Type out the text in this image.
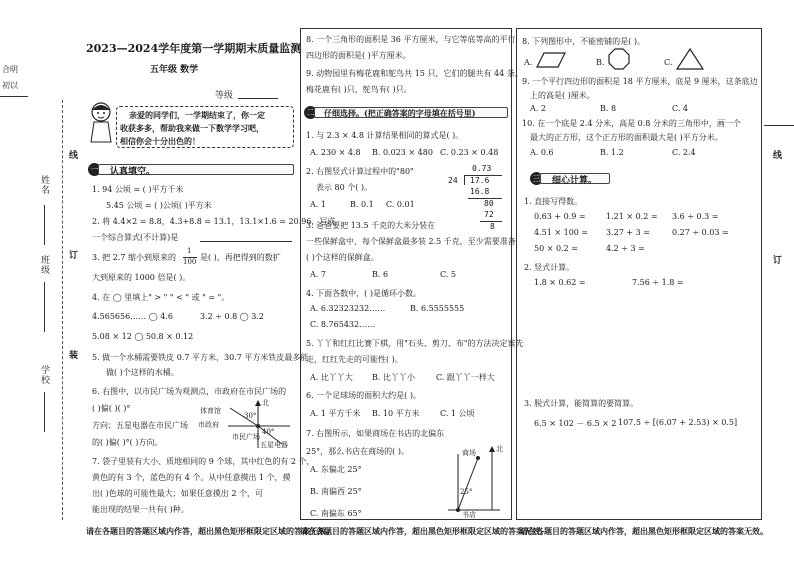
合明
初以
线
订
装
姓名
班级
学校
线
订
2023—2024学年度第一学期期末质量监测
五年级 数学
等级
亲爱的同学们，一学期结束了，你一定
收获多多，帮助我来做一下数学学习吧，
相信你会十分出色的！
一 认真填空。
1. 94 公顷 = ( )平方千米
5.45 公顷 = ( )公顷( )平方米
2. 将 4.4×2 = 8.8，4.3+8.8 = 13.1，13.1×1.6 = 20.96，写成
一个综合算式(不计算)是
3. 把 2.7 缩小到原来的
1
100 是( )，再把得到的数扩
大到原来的 1000 倍是( )。
4. 在 ◯ 里填上" > " " < " 或 " = "。
4.565656…… ◯ 4.6	3.2 ÷ 0.8 ◯ 3.2
5.08 × 12 ◯ 50.8 × 0.12
5. 做一个水桶需要铁皮 0.7 平方米，30.7 平方米铁皮最多能
做( )个这样的水桶。
6. 右图中，以市民广场为观测点，市政府在市民广场的
( )偏( )( )°
方向；五星电器在市民广场
的( )偏( )°( )方向。
北
体育馆
市政府
市民广场
五星电器
30°
40°
7. 袋子里装有大小、质地相同的 9 个球，其中红色的有 2 个，
黄色的有 3 个，蓝色的有 4 个。从中任意摸出 1 个，摸
出( )色球的可能性最大；如果任意摸出 2 个，可
能出现的结果一共有( )种。
请在各题目的答题区域内作答，超出黑色矩形框限定区域的答案无效。
8. 一个三角形的面积是 36 平方厘米，与它等底等高的平行
四边形的面积是( )平方厘米。
9. 动物园里有梅花鹿和鸵鸟共 15 只，它们的腿共有 44 条。
梅花鹿有( )只，鸵鸟有( )只。
二	仔细选择。(把正确答案的字母填在括号里)
1. 与 2.3 × 4.8 计算结果相同的算式是( )。
A. 230 × 4.8 B. 0.023 × 480 C. 0.23 × 0.48
2. 右图竖式计算过程中的"80"
表示 80 个( )。
A. 1	B. 0.1 C. 0.01
0.73
24 17.6
16.8
80
72
8
3. 爸爸要把 13.5 千克的大米分装在
一些保鲜盒中，每个保鲜盒最多装 2.5 千克，至少需要准备
( )个这样的保鲜盒。
A. 7	B. 6	C. 5
4. 下面各数中，( )是循环小数。
A. 6.32323232……	B. 6.5555555
C. 8.765432……
5. 丫丫和红红比赛下棋，用"石头、剪刀、布"的方法决定谁先
走，红红先走的可能性( )。
A. 比丫丫大 B. 比丫丫小	C. 跟丫丫一样大
6. 一个足球场的面积大约是( )。
A. 1 平方千米 B. 10 平方米	C. 1 公顷
7. 右图所示，如果商场在书店的北偏东
25°，那么书店在商场的( )。
A. 东偏北 25°
B. 南偏西 25°
C. 南偏东 65°
北
商场
25°
书店
请在各题目的答题区域内作答，超出黑色矩形框限定区域的答案无效。
8. 下列图形中，不能密铺的是( )。
A.	B.	C.
9. 一个平行四边形的面积是 18 平方厘米，底是 9 厘米，这条底边
上的高是( )厘米。
A. 2	B. 8	C. 4
10. 在一个底是 2.4 分米，高是 0.8 分米的三角形中，画一个
最大的正方形，这个正方形的面积最大是( )平方分米。
A. 0.6	B. 1.2	C. 2.4
三 细心计算。
1. 直接写得数。
0.63 + 0.9 =	1.21 × 0.2 = 3.6 ÷ 0.3 =
4.51 × 100 = 3.27 + 3 =	0.27 ÷ 0.03 =
50 × 0.2 =	4.2 ÷ 3 =
2. 竖式计算。
1.8 × 0.62 =	7.56 ÷ 1.8 =
3. 脱式计算，能简算的要简算。
6.5 × 102 － 6.5 × 2 107.5 ÷ [(6.07 + 2.53) × 0.5]
请在各题目的答题区域内作答，超出黑色矩形框限定区域的答案无效。
